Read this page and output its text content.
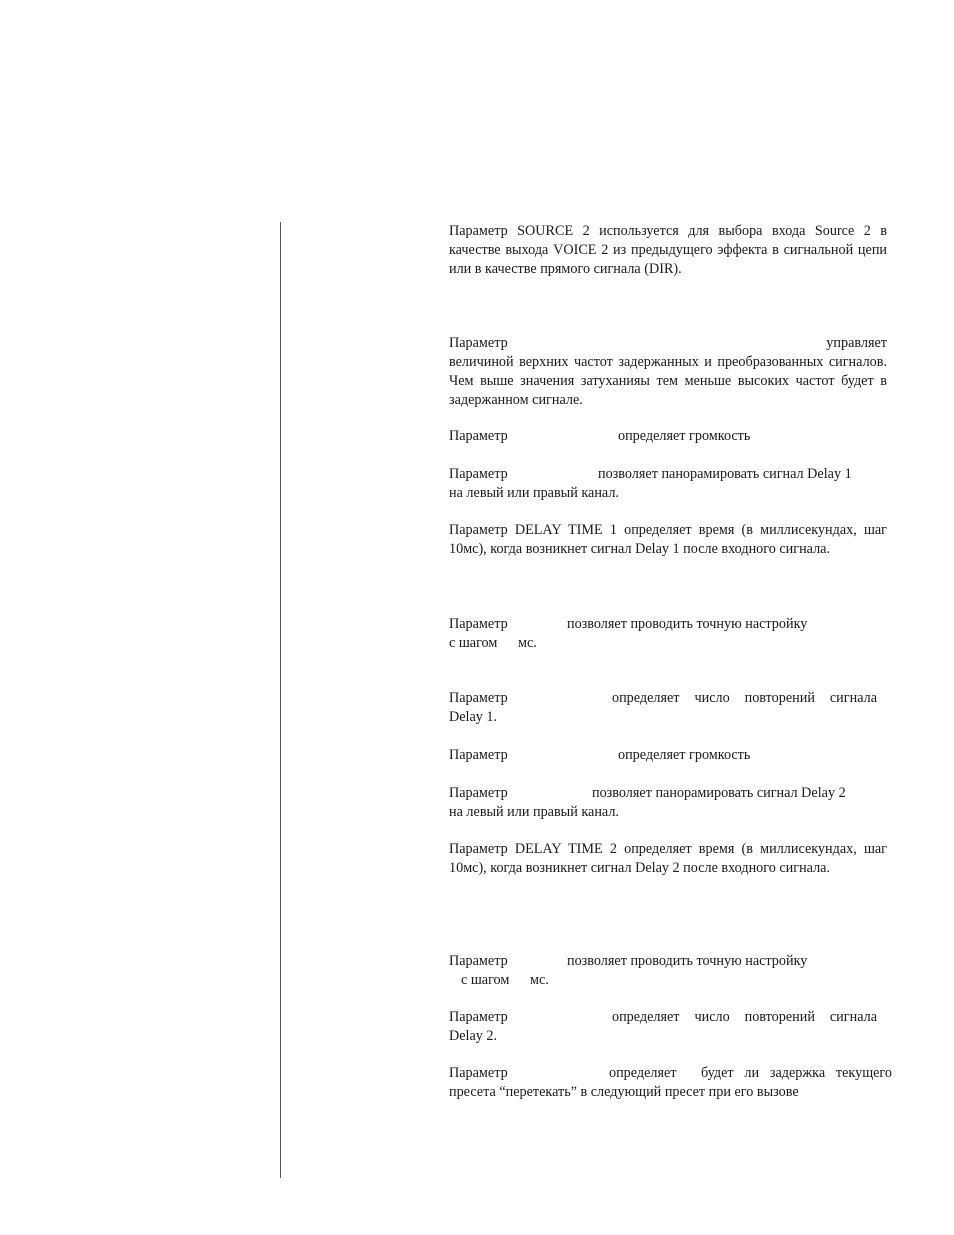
Параметр SOURCE 2 используется для выбора входа Source 2 в качестве выхода VOICE 2 из предыдущего эффекта в сигнальной цепи или в качестве прямого сигнала (DIR).

Параметр	управляет
величиной верхних частот задержанных и преобразованных сигналов. Чем выше значения затуханияы тем меньше высоких частот будет в задержанном сигнале.
Параметр	определяет громкость
Параметр	позволяет панорамировать сигнал Delay 1
на левый или правый канал.

Параметр DELAY TIME 1 определяет время (в миллисекундах, шаг 10мс), когда возникнет сигнал Delay 1 после входного сигнала.

Параметр	позволяет проводить точную настройку
с шагом	мс.
Параметр	определяет число повторений сигнала
Delay 1.
Параметр	определяет громкость
Параметр	позволяет панорамировать сигнал Delay 2
на левый или правый канал.

Параметр DELAY TIME 2 определяет время (в миллисекундах, шаг 10мс), когда возникнет сигнал Delay 2 после входного сигнала.

Параметр	позволяет проводить точную настройку
с шагом	мс.
Параметр	определяет число повторений сигнала
Delay 2.
Параметр	определяет	будет ли задержка текущего
пресета “перетекать” в следующий пресет при его вызове
